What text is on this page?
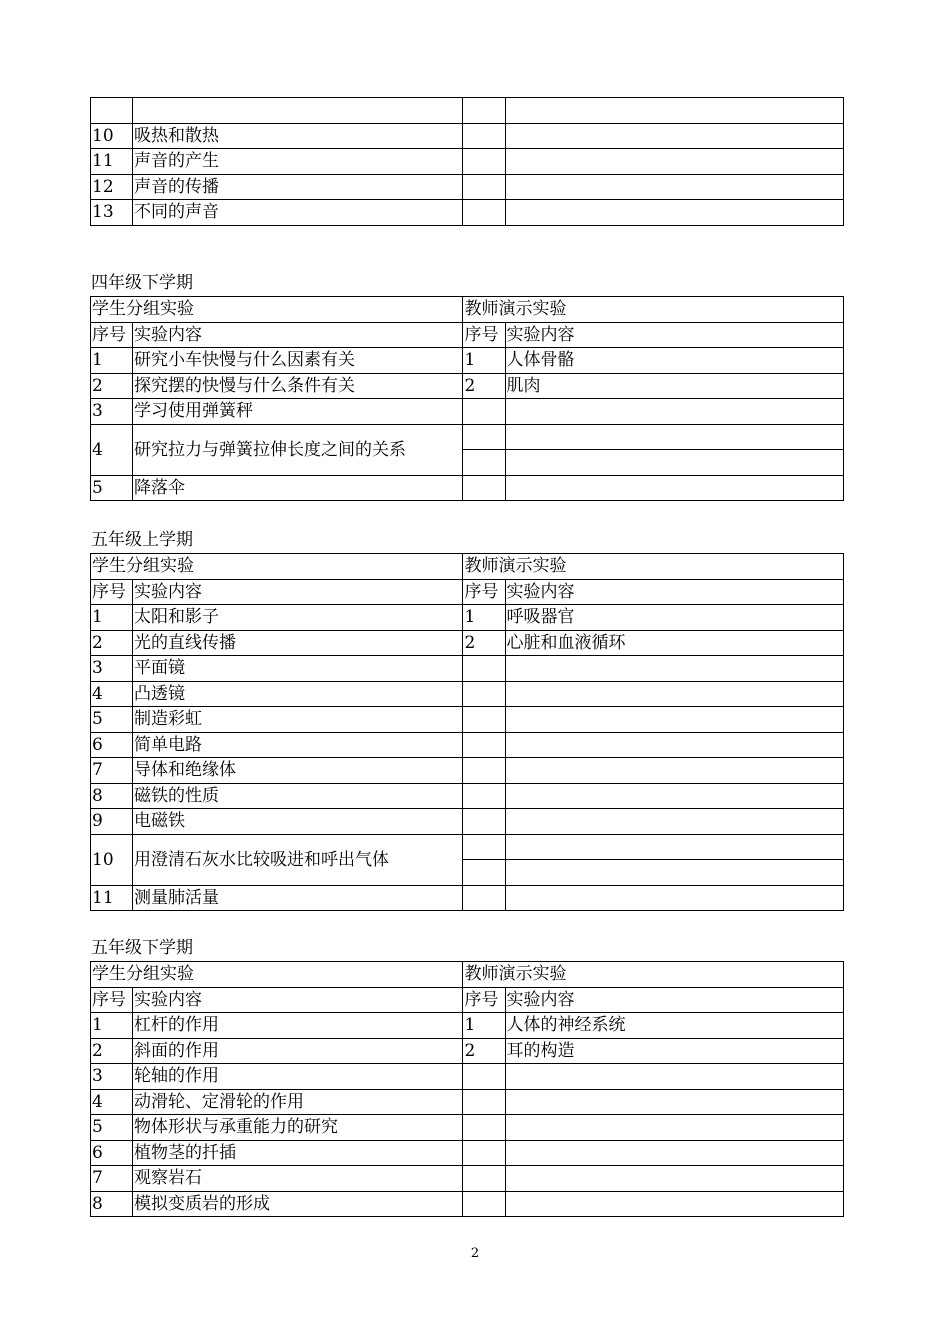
10	吸热和散热		
11	声音的产生		
12	声音的传播		
13	不同的声音		
四年级下学期
学生分组实验		教师演示实验	
序号	实验内容	序号	实验内容
1	研究小车快慢与什么因素有关	1	人体骨骼
2	探究摆的快慢与什么条件有关	2	肌肉
3	学习使用弹簧秤		
4	研究拉力与弹簧拉伸长度之间的关系		

5	降落伞		
五年级上学期
学生分组实验		教师演示实验	
序号	实验内容	序号	实验内容
1	太阳和影子	1	呼吸器官
2	光的直线传播	2	心脏和血液循环
3	平面镜		
4	凸透镜		
5	制造彩虹		
6	简单电路		
7	导体和绝缘体		
8	磁铁的性质		
9	电磁铁		
10	用澄清石灰水比较吸进和呼出气体		

11	测量肺活量		
五年级下学期
学生分组实验		教师演示实验	
序号	实验内容	序号	实验内容
1	杠杆的作用	1	人体的神经系统
2	斜面的作用	2	耳的构造
3	轮轴的作用		
4	动滑轮、定滑轮的作用		
5	物体形状与承重能力的研究		
6	植物茎的扦插		
7	观察岩石		
8	模拟变质岩的形成		
2
